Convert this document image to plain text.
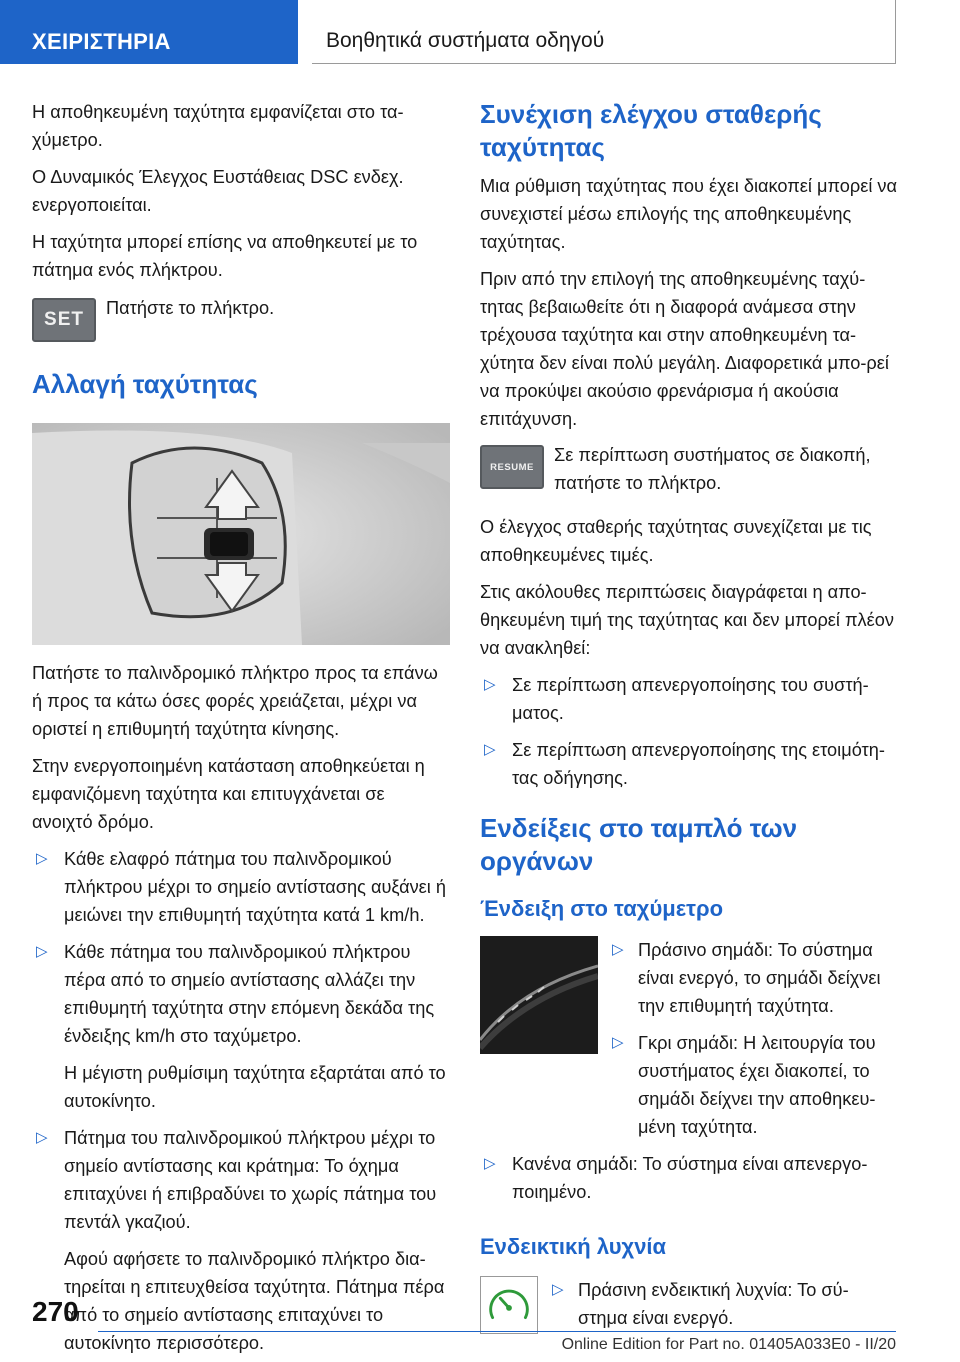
ΧΕΙΡΙΣΤΗΡΙΑ	Βοηθητικά συστήματα οδηγού

Η αποθηκευμένη ταχύτητα εμφανίζεται στο τα‐χύμετρο.

Ο Δυναμικός Έλεγχος Ευστάθειας DSC ενδεχ. ενεργοποιείται.

Η ταχύτητα μπορεί επίσης να αποθηκευτεί με το πάτημα ενός πλήκτρου.

SET

Πατήστε το πλήκτρο.

Αλλαγή ταχύτητας

Πατήστε το παλινδρομικό πλήκτρο προς τα επάνω ή προς τα κάτω όσες φορές χρειάζεται, μέχρι να οριστεί η επιθυμητή ταχύτητα κίνησης.

Στην ενεργοποιημένη κατάσταση αποθηκεύεται η εμφανιζόμενη ταχύτητα και επιτυγχάνεται σε ανοιχτό δρόμο.

▷ Κάθε ελαφρό πάτημα του παλινδρομικού πλήκτρου μέχρι το σημείο αντίστασης αυξάνει ή μειώνει την επιθυμητή ταχύτητα κατά 1 km/h.

▷ Κάθε πάτημα του παλινδρομικού πλήκτρου πέρα από το σημείο αντίστασης αλλάζει την επιθυμητή ταχύτητα στην επόμενη δεκάδα της ένδειξης km/h στο ταχύμετρο.

Η μέγιστη ρυθμίσιμη ταχύτητα εξαρτάται από το αυτοκίνητο.

▷ Πάτημα του παλινδρομικού πλήκτρου μέχρι το σημείο αντίστασης και κράτημα: Το όχημα επιταχύνει ή επιβραδύνει το χωρίς πάτημα του πεντάλ γκαζιού.

Αφού αφήσετε το παλινδρομικό πλήκτρο δια‐τηρείται η επιτευχθείσα ταχύτητα. Πάτημα πέρα από το σημείο αντίστασης επιταχύνει το αυτοκίνητο περισσότερο.

Συνέχιση ελέγχου σταθερής ταχύτητας

Μια ρύθμιση ταχύτητας που έχει διακοπεί μπορεί να συνεχιστεί μέσω επιλογής της αποθηκευμένης ταχύτητας.

Πριν από την επιλογή της αποθηκευμένης ταχύ‐τητας βεβαιωθείτε ότι η διαφορά ανάμεσα στην τρέχουσα ταχύτητα και στην αποθηκευμένη τα‐χύτητα δεν είναι πολύ μεγάλη. Διαφορετικά μπο‐ρεί να προκύψει ακούσιο φρενάρισμα ή ακούσια επιτάχυνση.

RESUME

Σε περίπτωση συστήματος σε διακοπή, πατήστε το πλήκτρο.

Ο έλεγχος σταθερής ταχύτητας συνεχίζεται με τις αποθηκευμένες τιμές.

Στις ακόλουθες περιπτώσεις διαγράφεται η απο‐θηκευμένη τιμή της ταχύτητας και δεν μπορεί πλέον να ανακληθεί:

▷ Σε περίπτωση απενεργοποίησης του συστή‐ματος.

▷ Σε περίπτωση απενεργοποίησης της ετοιμότη‐τας οδήγησης.

Ενδείξεις στο ταμπλό των οργάνων
Ένδειξη στο ταχύμετρο
▷ Πράσινο σημάδι: Το σύστημα είναι ενεργό, το σημάδι δείχνει την επιθυμητή ταχύτητα.

▷ Γκρι σημάδι: Η λειτουργία του συστήματος έχει διακοπεί, το σημάδι δείχνει την αποθηκευ‐μένη ταχύτητα.

▷ Κανένα σημάδι: Το σύστημα είναι απενεργο‐ποιημένο.

Ενδεικτική λυχνία
▷ Πράσινη ενδεικτική λυχνία: Το σύ‐στημα είναι ενεργό.

270
Online Edition for Part no. 01405A033E0 - II/20
